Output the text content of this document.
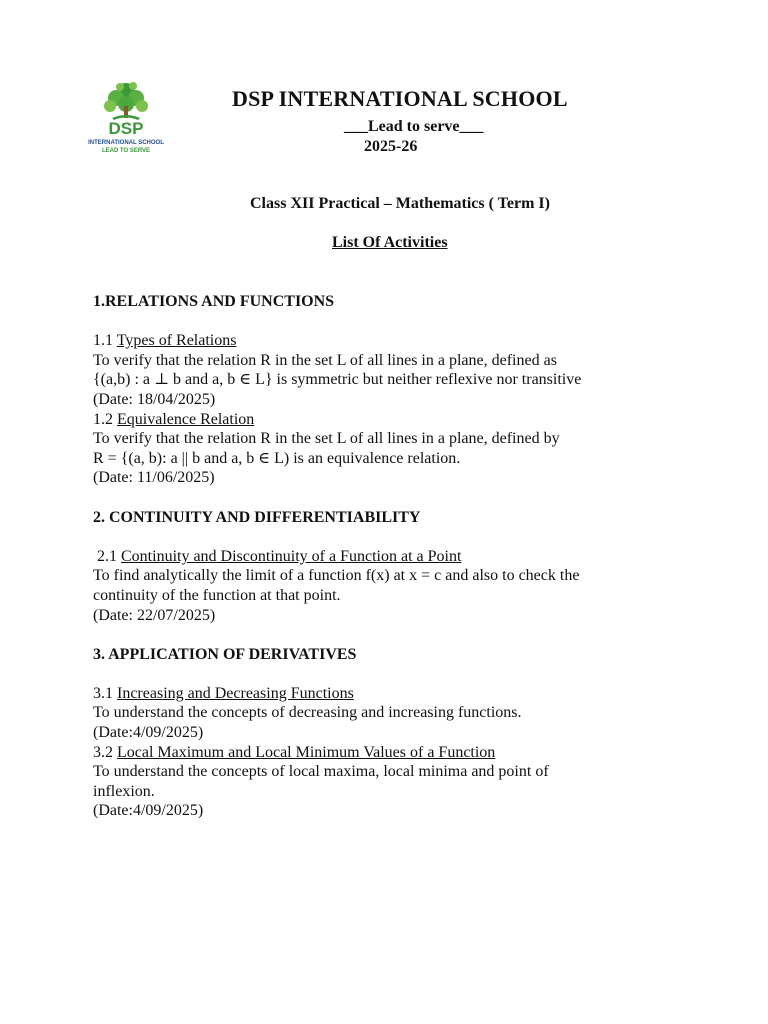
DSP
INTERNATIONAL SCHOOL
LEAD TO SERVE
DSP INTERNATIONAL SCHOOL
___Lead to serve___
2025-26
Class XII Practical – Mathematics ( Term I)
List Of Activities
1.RELATIONS AND FUNCTIONS
1.1 Types of Relations
To verify that the relation R in the set L of all lines in a plane, defined as
{(a,b) : a ⊥ b and a, b ∈ L} is symmetric but neither reflexive nor transitive
(Date: 18/04/2025)
1.2 Equivalence Relation
To verify that the relation R in the set L of all lines in a plane, defined by
R = {(a, b): a || b and a, b ∈ L) is an equivalence relation.
(Date: 11/06/2025)
2. CONTINUITY AND DIFFERENTIABILITY
2.1 Continuity and Discontinuity of a Function at a Point
To find analytically the limit of a function f(x) at x = c and also to check the
continuity of the function at that point.
(Date: 22/07/2025)
3. APPLICATION OF DERIVATIVES
3.1 Increasing and Decreasing Functions
To understand the concepts of decreasing and increasing functions.
(Date:4/09/2025)
3.2 Local Maximum and Local Minimum Values of a Function
To understand the concepts of local maxima, local minima and point of
inflexion.
(Date:4/09/2025)
